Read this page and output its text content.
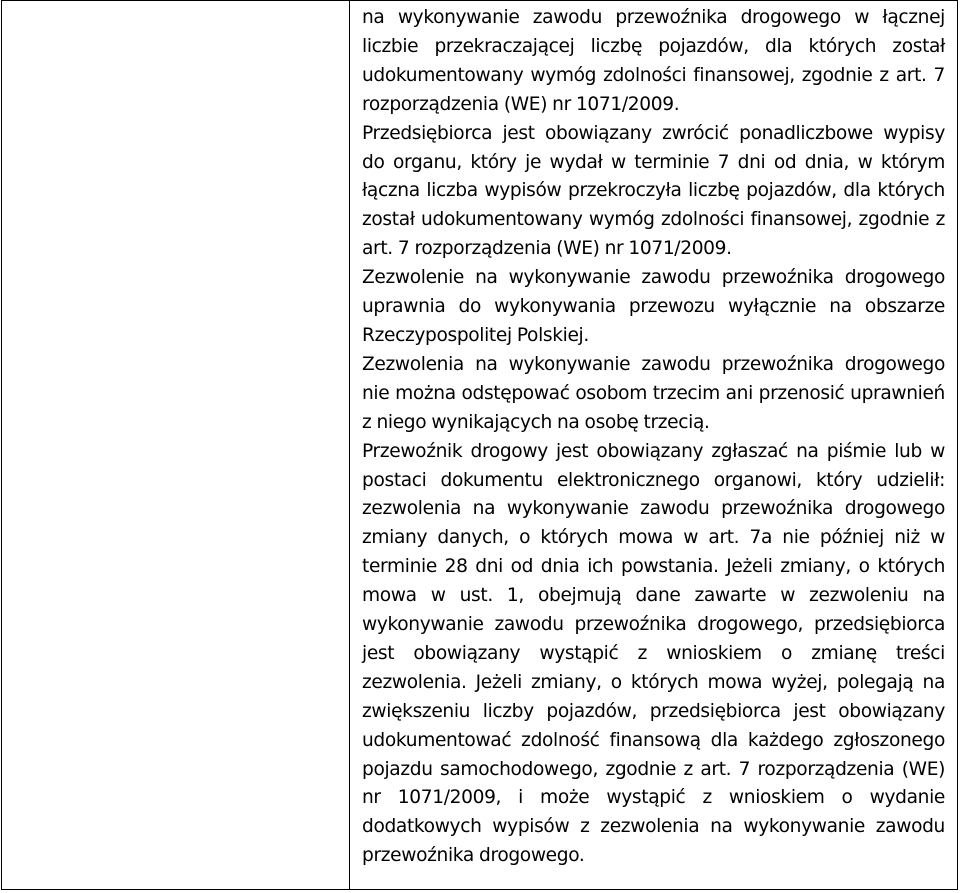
na wykonywanie zawodu przewoźnika drogowego w łącznej liczbie przekraczającej liczbę pojazdów, dla których został udokumentowany wymóg zdolności finansowej, zgodnie z art. 7 rozporządzenia (WE) nr 1071/2009.

Przedsiębiorca jest obowiązany zwrócić ponadliczbowe wypisy do organu, który je wydał w terminie 7 dni od dnia, w którym łączna liczba wypisów przekroczyła liczbę pojazdów, dla których został udokumentowany wymóg zdolności finansowej, zgodnie z art. 7 rozporządzenia (WE) nr 1071/2009.

Zezwolenie na wykonywanie zawodu przewoźnika drogowego uprawnia do wykonywania przewozu wyłącznie na obszarze Rzeczypospolitej Polskiej.

Zezwolenia na wykonywanie zawodu przewoźnika drogowego nie można odstępować osobom trzecim ani przenosić uprawnień z niego wynikających na osobę trzecią.

Przewoźnik drogowy jest obowiązany zgłaszać na piśmie lub w postaci dokumentu elektronicznego organowi, który udzielił: zezwolenia na wykonywanie zawodu przewoźnika drogowego zmiany danych, o których mowa w art. 7a nie później niż w terminie 28 dni od dnia ich powstania. Jeżeli zmiany, o których mowa w ust. 1, obejmują dane zawarte w zezwoleniu na wykonywanie zawodu przewoźnika drogowego, przedsiębiorca jest obowiązany wystąpić z wnioskiem o zmianę treści zezwolenia. Jeżeli zmiany, o których mowa wyżej, polegają na zwiększeniu liczby pojazdów, przedsiębiorca jest obowiązany udokumentować zdolność finansową dla każdego zgłoszonego pojazdu samochodowego, zgodnie z art. 7 rozporządzenia (WE) nr 1071/2009, i może wystąpić z wnioskiem o wydanie dodatkowych wypisów z zezwolenia na wykonywanie zawodu przewoźnika drogowego.
